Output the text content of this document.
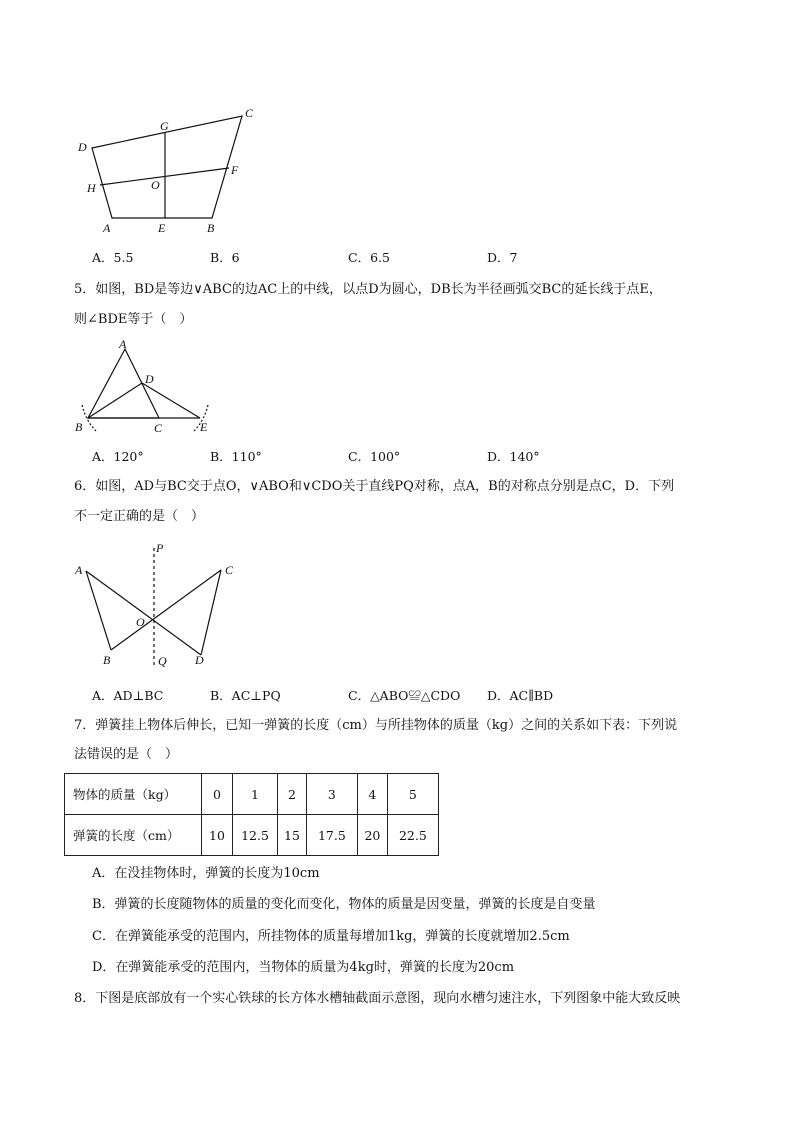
D
G
C
H	O
F
A	E	B
A．5.5	B．6	C．6.5	D．7
5．如图，BD是等边∨ABC的边AC上的中线，以点D为圆心，DB长为半径画弧交BC的延长线于点E，
则∠BDE等于（　）
A
D
B	C	E
A．120°	B．110°	C．100°	D．140°
6．如图，AD与BC交于点O，∨ABO和∨CDO关于直线PQ对称，点A，B的对称点分别是点C，D．下列
不一定正确的是（　）
P
A	C
O
B	Q D
A．AD⊥BC	B．AC⊥PQ	C．△ABO≌△CDO D．AC∥BD
7．弹簧挂上物体后伸长，已知一弹簧的长度（cm）与所挂物体的质量（kg）之间的关系如下表：下列说
法错误的是（　）
物体的质量（kg）	0	1	2	3	4	5
弹簧的长度（cm）	10	12.5	15	17.5	20	22.5
A．在没挂物体时，弹簧的长度为10cm
B．弹簧的长度随物体的质量的变化而变化，物体的质量是因变量，弹簧的长度是自变量
C．在弹簧能承受的范围内，所挂物体的质量每增加1kg，弹簧的长度就增加2.5cm
D．在弹簧能承受的范围内，当物体的质量为4kg时，弹簧的长度为20cm
8．下图是底部放有一个实心铁球的长方体水槽轴截面示意图，现向水槽匀速注水，下列图象中能大致反映
